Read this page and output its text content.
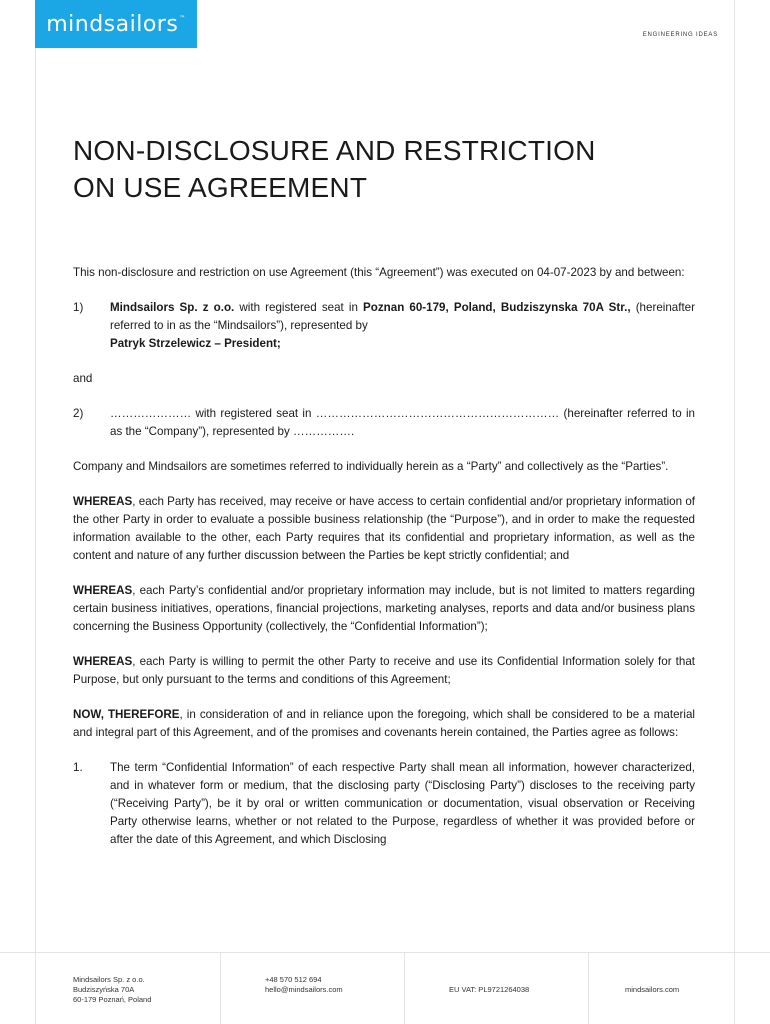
mindsailors™
ENGINEERING IDEAS
NON-DISCLOSURE AND RESTRICTION
ON USE AGREEMENT

This non-disclosure and restriction on use Agreement (this “Agreement”) was executed on 04-07-2023 by and between:

1)	Mindsailors Sp. z o.o. with registered seat in Poznan 60-179, Poland, Budziszynska 70A Str., (hereinafter referred to in as the “Mindsailors”), represented by
Patryk Strzelewicz – President;

and

2)	………………… with registered seat in ……………………………………………………… (hereinafter referred to in as the “Company”), represented by …………….

Company and Mindsailors are sometimes referred to individually herein as a “Party” and collectively as the “Parties”.

WHEREAS, each Party has received, may receive or have access to certain confidential and/or proprietary information of the other Party in order to evaluate a possible business relationship (the “Purpose”), and in order to make the requested information available to the other, each Party requires that its confidential and proprietary information, as well as the content and nature of any further discussion between the Parties be kept strictly confidential; and

WHEREAS, each Party’s confidential and/or proprietary information may include, but is not limited to matters regarding certain business initiatives, operations, financial projections, marketing analyses, reports and data and/or business plans concerning the Business Opportunity (collectively, the “Confidential Information”);

WHEREAS, each Party is willing to permit the other Party to receive and use its Confidential Information solely for that Purpose, but only pursuant to the terms and conditions of this Agreement;

NOW, THEREFORE, in consideration of and in reliance upon the foregoing, which shall be considered to be a material and integral part of this Agreement, and of the promises and covenants herein contained, the Parties agree as follows:

1.	The term “Confidential Information” of each respective Party shall mean all information, however characterized, and in whatever form or medium, that the disclosing party (“Disclosing Party”) discloses to the receiving party (“Receiving Party”), be it by oral or written communication or documentation, visual observation or Receiving Party otherwise learns, whether or not related to the Purpose, regardless of whether it was provided before or after the date of this Agreement, and which Disclosing
Mindsailors Sp. z o.o.
Budziszyńska 70A
60-179 Poznań, Poland
+48 570 512 694
hello@mindsailors.com	EU VAT: PL9721264038	mindsailors.com
